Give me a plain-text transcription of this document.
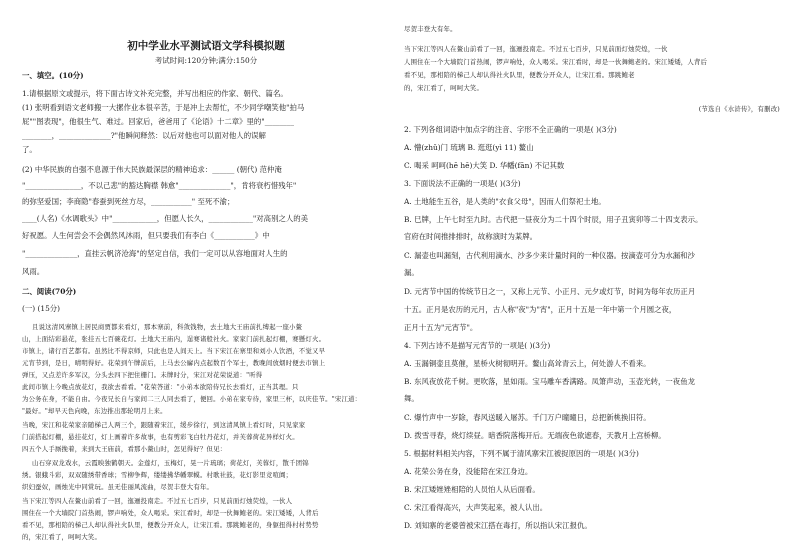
初中学业水平测试语文学科模拟题
考试时间:120分钟;满分:150分
一、填空。(10分)
1.请根据原文或提示，将下面古诗文补充完整，并写出相应的作家、朝代、篇名。
(1) 张明看到语文老师搬一大摞作业本很辛苦，于是冲上去帮忙，不少同学嘲笑他"拍马
屁""图表现"，他很生气、难过。回家后，爸爸用了《论语》十二章》里的"________
________，______________?"他瞬间释然：以后对他也可以面对他人的误解
了。
(2) 中华民族的自强不息源于伟大民族最深层的精神追求：______ (朝代) 范仲淹
"_______________，不以己悲"的豁达胸襟 韩愈"______________"，肯将衰朽惜残年"
的弥坚爱国；李商隐"春蚕到死丝方尽，___________" 至死不渝；
____(人名)《水调歌头》中"____________，但愿人长久，____________"对高别之人的美
好祝愿。人生何尝会不会偶然风沐雨，但只要我们有李白《___________》中
"______________，直挂云帆济沧海"的坚定自信，我们一定可以从容地面对人生的
风雨。
二、阅读(70分)
(一) (15分)
且说这清风寨镇上居民商贾都来看灯，那本寨前，科敛钱物，去土地大王庙前扎缚起一座小鳌
山，上面结彩悬花，张挂五七百碗花灯。土地大王庙内，逞赛诸般社火。家家门前扎起灯棚，赛懸灯火。
市镇上，诸行百艺都有。虽然比不得京师，只此也是人间天上。当下宋江在寨里和刘小人饮酒，不觉又早
元宵节到，是日，晴明得好。花荣到午牌前后，上马去公廨内点起数百个军士，教晚间放烟时便去市镇上
弹压，又点差许多军汉，分头去四下把住栅门。未牌时分，宋江对花荣说道："听得
此间市镇上今晚点放花灯，我欲去看看。"花荣答道："小弟本欲陪侍兄长去看灯，正当其理。只
为公务在身，不能自由。今夜兄长自与家间二三人同去看了，便回。小弟在家专待，家里三杯，以庆佳节。"宋江道：
"最好。"却早天色向晚，东边推出那轮明月上来。
当晚，宋江和花荣家亲随梯己人两三个，跟随着宋江，缓步徐行，到这清风镇上看灯时，只见家家
门前搭起灯棚，悬挂花灯，灯上画着许多故事，也有剪彩飞白牡丹花灯，并芙蓉荷花异样灯火。
四五个人手厮挽着，来到大王庙前，看那小鳌山时，怎见得好？但见：
山石穿双龙戏水，云霞映独鹤朝天。金莲灯，玉梅灯，晃一片琉璃；荷花灯，芙蓉灯，散千团锦
绣。银蛾斗彩，双双随绣带香球；雪柳争辉，缕缕拂华幡翠幙。村歌社鼓，花灯影里竞喧阗；
织妇蚕奴，画烛光中同赏玩。虽无佳丽风流曲，尽贺丰登大有年。
当下宋江等四人在鳌山前看了一回，迤逦投南走。不过五七百步，只见前面灯烛荧煌，一伙人
围住在一个大墙院门首热闹，锣声响处，众人喝采。宋江看时，却是一伙舞鲍老的。宋江矮矮，人背后
看不见，那相陪的梯己人却认得社火队里，便教分开众人，让宋江看。那跳鲍老的，身躯扭得村村势势
的，宋江看了，呵呵大笑。
尽贺丰登大有年。
当下宋江等四人在鳌山前看了一回，迤逦投南走。不过五七百步，只见前面灯烛荧煌，一伙
人围住在一个大墙院门首热闹，锣声响处，众人喝采。宋江看时，却是一伙舞鲍老的。宋江矮矮，人背后
看不见，那相陪的梯己人却认得社火队里，便教分开众人，让宋江看。那跳鲍老
的，宋江看了，呵呵大笑。
(节选自《水浒传》，有删改)
2. 下列各组词语中加点字的注音、字形不全正确的一项是( )(3分)
A. 懵(zhǔ)门 琉璃 B. 逛逛(yì 11) 鳌山
C. 喝采 呵呵(hē hē)大笑 D. 华幡(fān) 不记其数
3. 下面说法不正确的一项是( )(3分)
A. 土地能生五谷，是人类的"衣食父母"，因而人们祭祀土地。
B. 巳牌，上午七时至九时。古代把一昼夜分为二十四个时辰，用子丑寅卯等二十四支表示。
官府在时间推排排时，故称演时为某牌。
C. 漏壶也叫漏刻，古代利用滴水、沙多少来计量时间的一种仪器。按滴壶可分为水漏和沙
漏。
D. 元宵节中国的传统节日之一，又称上元节、小正月、元夕或灯节，时间为每年农历正月
十五。正月是农历的元月，古人称"夜"为"宵"，正月十五是一年中第一个月圆之夜，
正月十五为"元宵节"。
4. 下列古诗不是描写元宵节的一项是( )(3分)
A. 玉漏铜壶且莫催，星桥火树彻明开。鳌山高耸青云上，何处游人不看来。
B. 东风夜放花千树。更吹落，星如雨。宝马雕车香满路。凤箫声动，玉壶光转，一夜鱼龙
舞。
C. 爆竹声中一岁除，春风送暖入屠苏。千门万户曈曈日，总把新桃换旧符。
D. 拨雪寻春，烧灯续昼。暗香院落梅开后。无端夜色欲遮春，天教月上宫桥柳。
5. 根据材料相关内容，下列不属于清风寨宋江被捉原因的一项是( )(3分)
A. 花荣公务在身，没能陪在宋江身边。
B. 宋江矮矬矬相陪的人员怕人从后面看。
C. 宋江看得高兴，大声笑起来，被人认出。
D. 刘知寨的老婆曾被宋江搭在毒打，所以指认宋江报仇。
